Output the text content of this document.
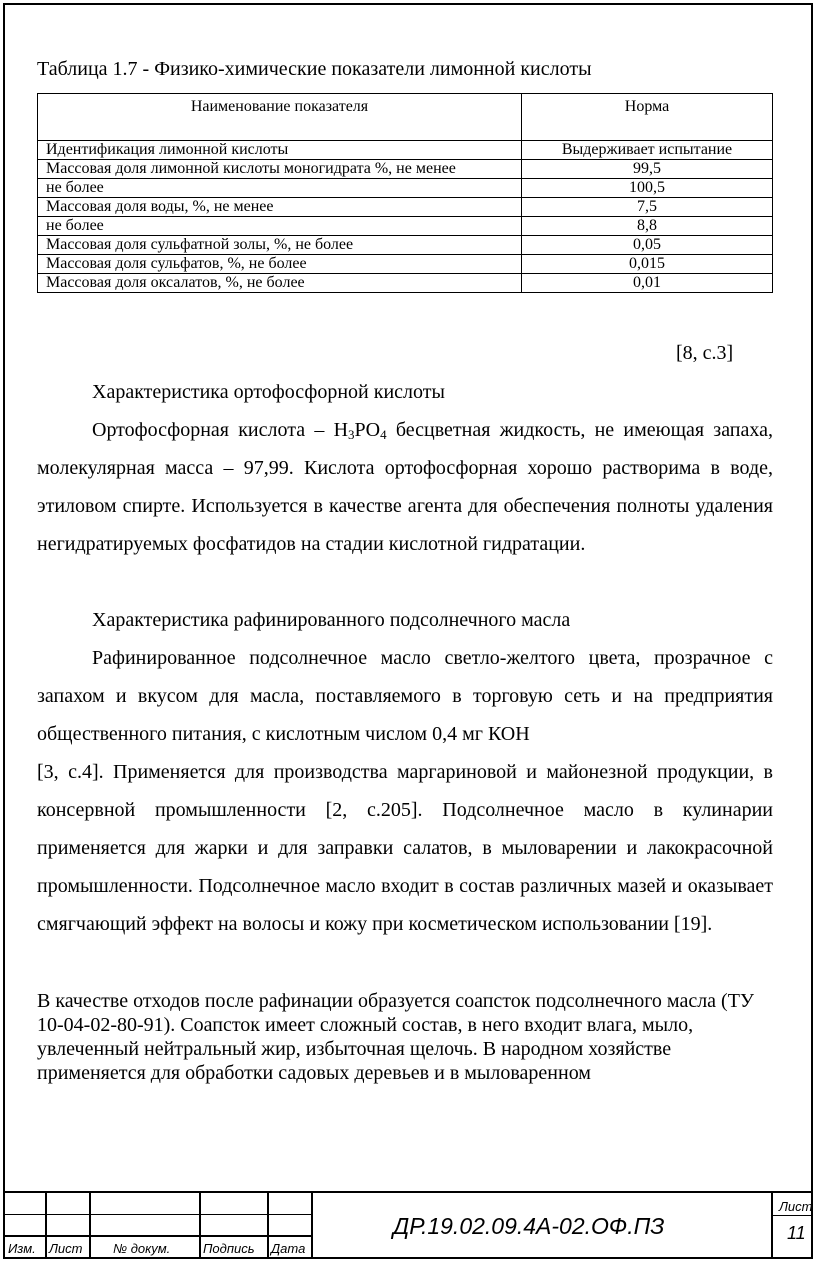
Таблица 1.7 - Физико-химические показатели лимонной кислоты
Наименование показателя	Норма
Идентификация лимонной кислоты	Выдерживает испытание
Массовая доля лимонной кислоты моногидрата %, не менее	99,5
не более	100,5
Массовая доля воды, %, не менее	7,5
не более	8,8
Массовая доля сульфатной золы, %, не более	0,05
Массовая доля сульфатов, %, не более	0,015
Массовая доля оксалатов, %, не более	0,01
[8, с.3]

Характеристика ортофосфорной кислоты

Ортофосфорная кислота – $H_3PO_4$ бесцветная жидкость, не имеющая запаха, молекулярная масса – 97,99. Кислота ортофосфорная хорошо растворима в воде, этиловом спирте. Используется в качестве агента для обеспечения полноты удаления негидратируемых фосфатидов на стадии кислотной гидратации.

Характеристика рафинированного подсолнечного масла

Рафинированное подсолнечное масло светло-желтого цвета, прозрачное с запахом и вкусом для масла, поставляемого в торговую сеть и на предприятия общественного питания, с кислотным числом 0,4 мг КОН

[3, с.4]. Применяется для производства маргариновой и майонезной продукции, в консервной промышленности [2, с.205]. Подсолнечное масло в кулинарии применяется для жарки и для заправки салатов, в мыловарении и лакокрасочной промышленности. Подсолнечное масло входит в состав различных мазей и оказывает смягчающий эффект на волосы и кожу при косметическом использовании [19].

В качестве отходов после рафинации образуется соапсток подсолнечного масла (ТУ 10-04-02-80-91). Соапсток имеет сложный состав, в него входит влага, мыло, увлеченный нейтральный жир, избыточная щелочь. В народном хозяйстве применяется для обработки садовых деревьев и в мыловаренном

Изм. Лист № докум.	Подпись Дата
ДР.19.02.09.4А-02.ОФ.ПЗ
Лист
11
